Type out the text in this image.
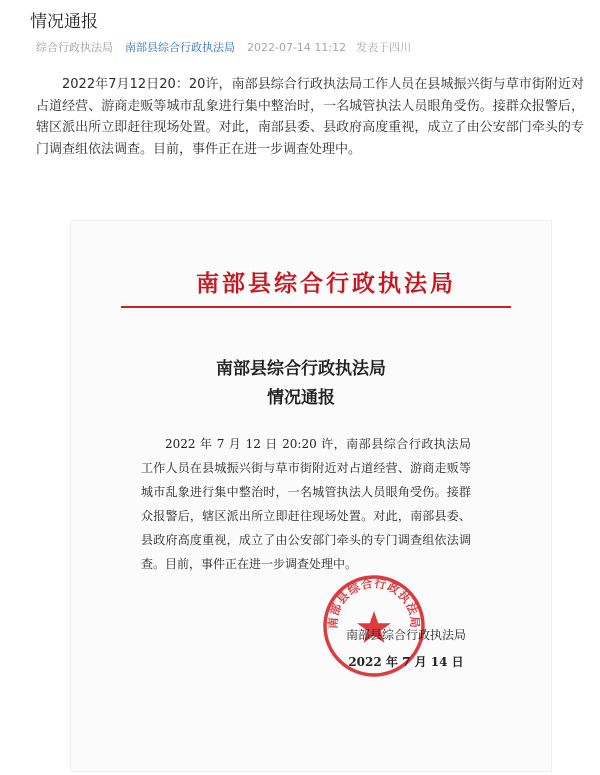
情况通报
综合行政执法局 南部县综合行政执法局 2022-07-14 11:12 发表于四川

2022年7月12日20：20许，南部县综合行政执法局工作人员在县城振兴街与草市街附近对占道经营、游商走贩等城市乱象进行集中整治时，一名城管执法人员眼角受伤。接群众报警后，辖区派出所立即赶往现场处置。对此，南部县委、县政府高度重视，成立了由公安部门牵头的专门调查组依法调查。目前，事件正在进一步调查处理中。

南部县综合行政执法局
南部县综合行政执法局
情况通报

2022 年 7 月 12 日 20:20 许，南部县综合行政执法局工作人员在县城振兴街与草市街附近对占道经营、游商走贩等城市乱象进行集中整治时，一名城管执法人员眼角受伤。接群众报警后，辖区派出所立即赶往现场处置。对此，南部县委、县政府高度重视，成立了由公安部门牵头的专门调查组依法调查。目前，事件正在进一步调查处理中。

南部县综合行政执法局
南部县综合行政执法局
2022 年 7 月 14 日
